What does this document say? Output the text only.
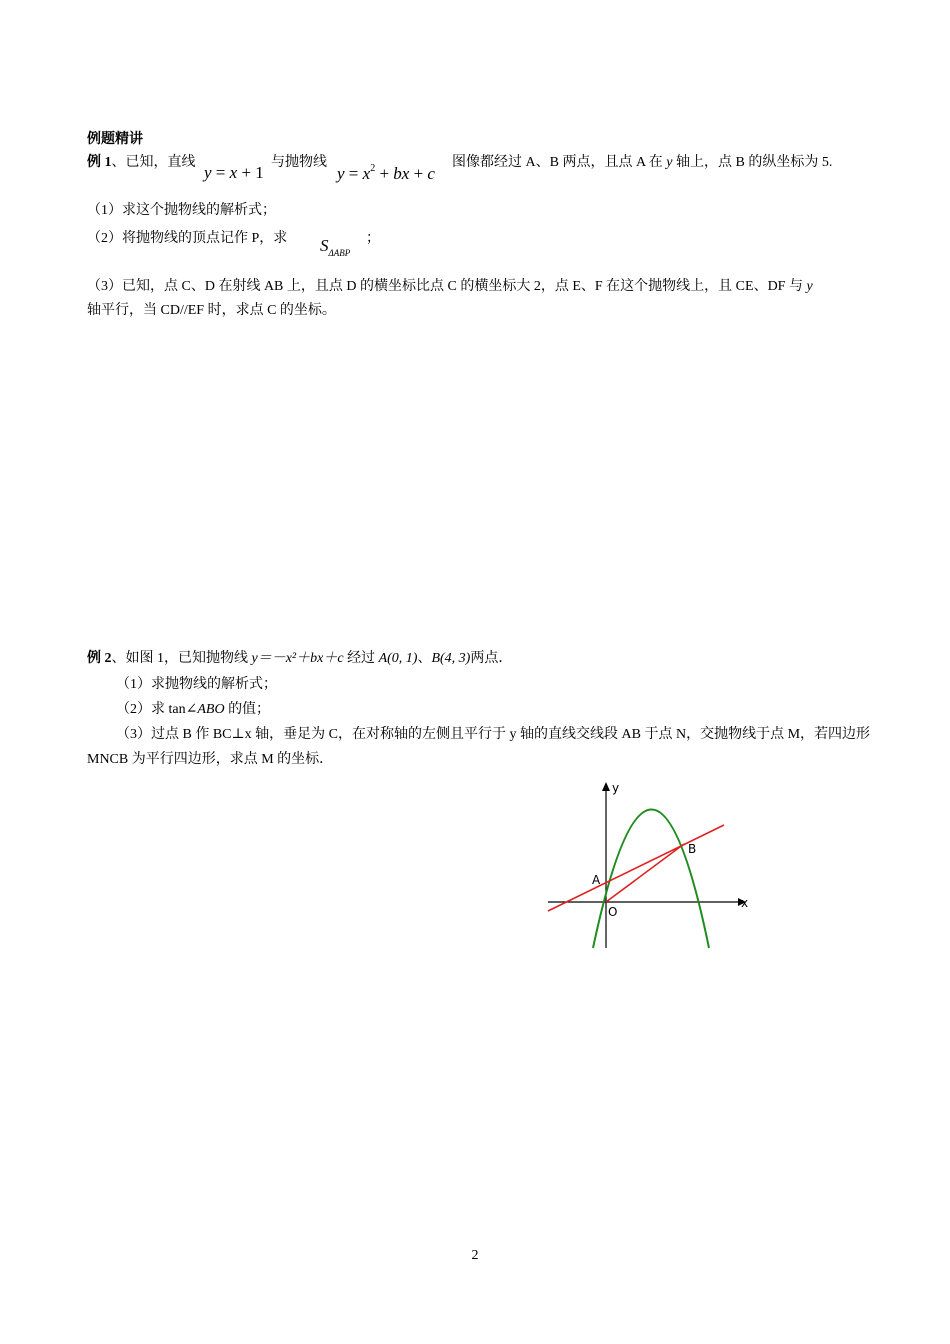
例题精讲
例 1、已知，直线
y = x + 1
与抛物线
$y = x^2$ + bx + c
图像都经过 A、B 两点，且点 A 在 y 轴上，点 B 的纵坐标为 5.
（1）求这个抛物线的解析式；
（2）将抛物线的顶点记作 P，求 $S_{\Delta ABP}$
；
（3）已知，点 C、D 在射线 AB 上，且点 D 的横坐标比点 C 的横坐标大 2，点 E、F 在这个抛物线上，且 CE、DF 与 y
轴平行，当 CD//EF 时，求点 C 的坐标。
例 2、如图 1，已知抛物线 y＝－x²＋bx＋c 经过 A(0, 1)、B(4, 3)两点．
（1）求抛物线的解析式；
（2）求 tan∠ABO 的值；
（3）过点 B 作 BC⊥x 轴，垂足为 C，在对称轴的左侧且平行于 y 轴的直线交线段 AB 于点 N，交抛物线于点 M，若四边形
MNCB 为平行四边形，求点 M 的坐标．
y
x
A
B
O
2
